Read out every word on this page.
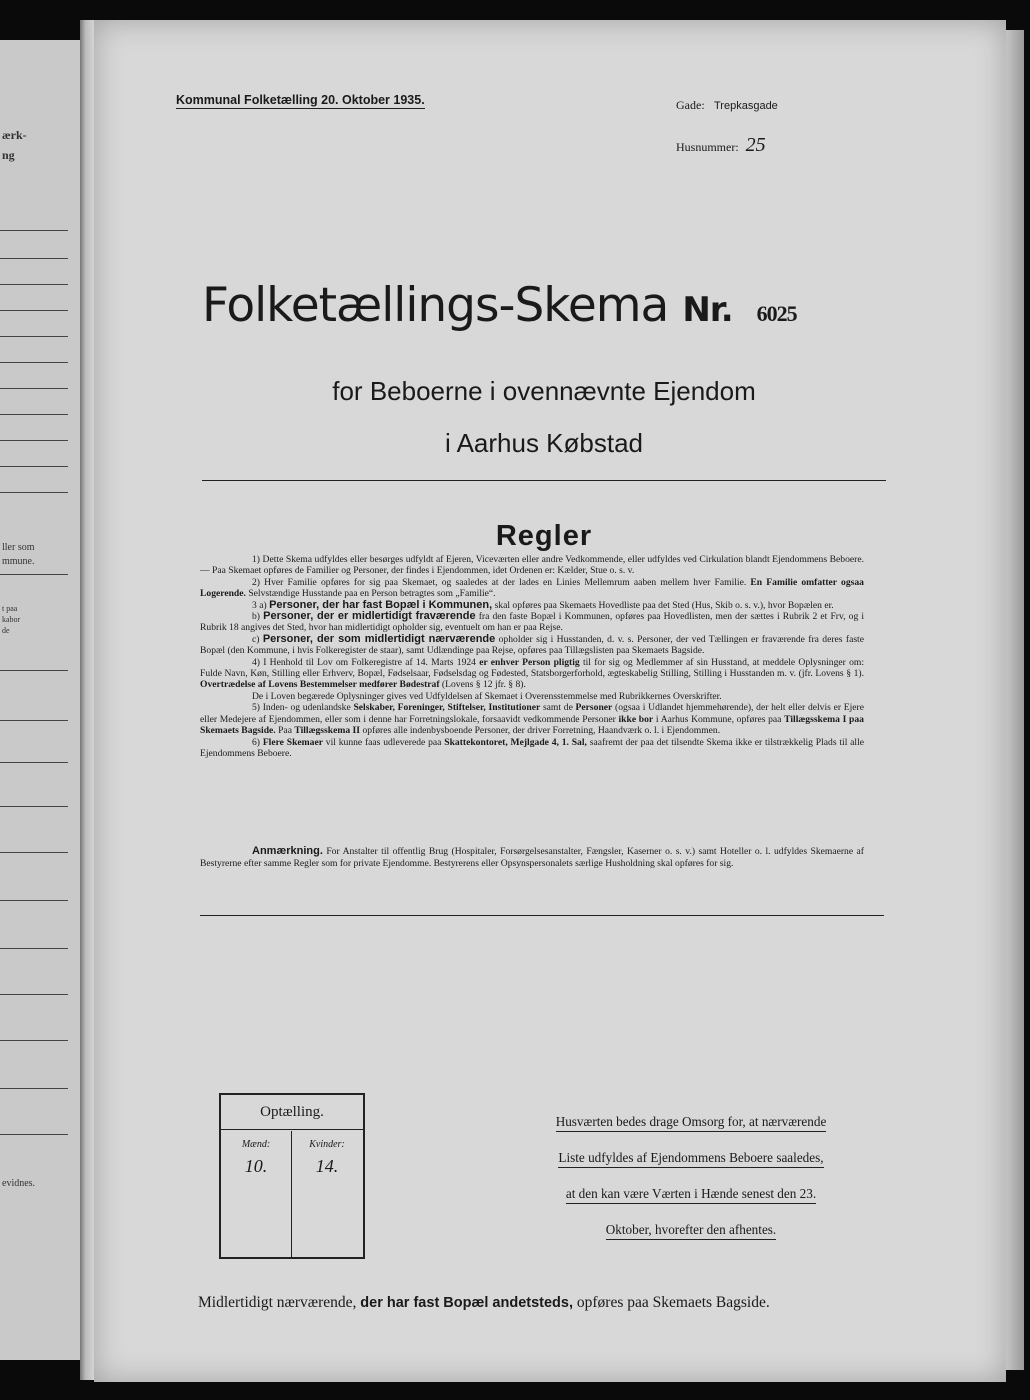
ærk-
ng
ller som
mmune.
t paa
kabor
de
evidnes.
Kommunal Folketælling 20. Oktober 1935.	Gade: Trepkasgade
Husnummer: 25
Folketællings-Skema Nr. 6025
for Beboerne i ovennævnte Ejendom
i Aarhus Købstad
Regler

1) Dette Skema udfyldes eller besørges udfyldt af Ejeren, Viceværten eller andre Vedkommende, eller udfyldes ved Cirkulation blandt Ejendommens Beboere. — Paa Skemaet opføres de Familier og Personer, der findes i Ejendommen, idet Ordenen er: Kælder, Stue o. s. v.

2) Hver Familie opføres for sig paa Skemaet, og saaledes at der lades en Linies Mellemrum aaben mellem hver Familie. En Familie omfatter ogsaa Logerende. Selvstændige Husstande paa en Person betragtes som „Familie“.

3 a) Personer, der har fast Bopæl i Kommunen, skal opføres paa Skemaets Hovedliste paa det Sted (Hus, Skib o. s. v.), hvor Bopælen er.

b) Personer, der er midlertidigt fraværende fra den faste Bopæl i Kommunen, opføres paa Hovedlisten, men der sættes i Rubrik 2 et Frv, og i Rubrik 18 angives det Sted, hvor han midlertidigt opholder sig, eventuelt om han er paa Rejse.

c) Personer, der som midlertidigt nærværende opholder sig i Husstanden, d. v. s. Personer, der ved Tællingen er fraværende fra deres faste Bopæl (den Kommune, i hvis Folkeregister de staar), samt Udlændinge paa Rejse, opføres paa Tillægslisten paa Skemaets Bagside.

4) I Henhold til Lov om Folkeregistre af 14. Marts 1924 er enhver Person pligtig til for sig og Medlemmer af sin Husstand, at meddele Oplysninger om: Fulde Navn, Køn, Stilling eller Erhverv, Bopæl, Fødselsaar, Fødselsdag og Fødested, Statsborgerforhold, ægteskabelig Stilling, Stilling i Husstanden m. v. (jfr. Lovens § 1). Overtrædelse af Lovens Bestemmelser medfører Bødestraf (Lovens § 12 jfr. § 8).

De i Loven begærede Oplysninger gives ved Udfyldelsen af Skemaet i Overensstemmelse med Rubrikkernes Overskrifter.

5) Inden- og udenlandske Selskaber, Foreninger, Stiftelser, Institutioner samt de Personer (ogsaa i Udlandet hjemmehørende), der helt eller delvis er Ejere eller Medejere af Ejendommen, eller som i denne har Forretningslokale, forsaavidt vedkommende Personer ikke bor i Aarhus Kommune, opføres paa Tillægsskema I paa Skemaets Bagside. Paa Tillægsskema II opføres alle indenbysboende Personer, der driver Forretning, Haandværk o. l. i Ejendommen.

6) Flere Skemaer vil kunne faas udleverede paa Skattekontoret, Mejlgade 4, 1. Sal, saafremt der paa det tilsendte Skema ikke er tilstrækkelig Plads til alle Ejendommens Beboere.

Anmærkning. For Anstalter til offentlig Brug (Hospitaler, Forsørgelsesanstalter, Fængsler, Kaserner o. s. v.) samt Hoteller o. l. udfyldes Skemaerne af Bestyrerne efter samme Regler som for private Ejendomme. Bestyrerens eller Opsynspersonalets særlige Husholdning skal opføres for sig.

Optælling.
Mænd:
10.
Kvinder:
14.
Husværten bedes drage Omsorg for, at nærværende
Liste udfyldes af Ejendommens Beboere saaledes,
at den kan være Værten i Hænde senest den 23.
Oktober, hvorefter den afhentes.
Midlertidigt nærværende, der har fast Bopæl andetsteds, opføres paa Skemaets Bagside.
